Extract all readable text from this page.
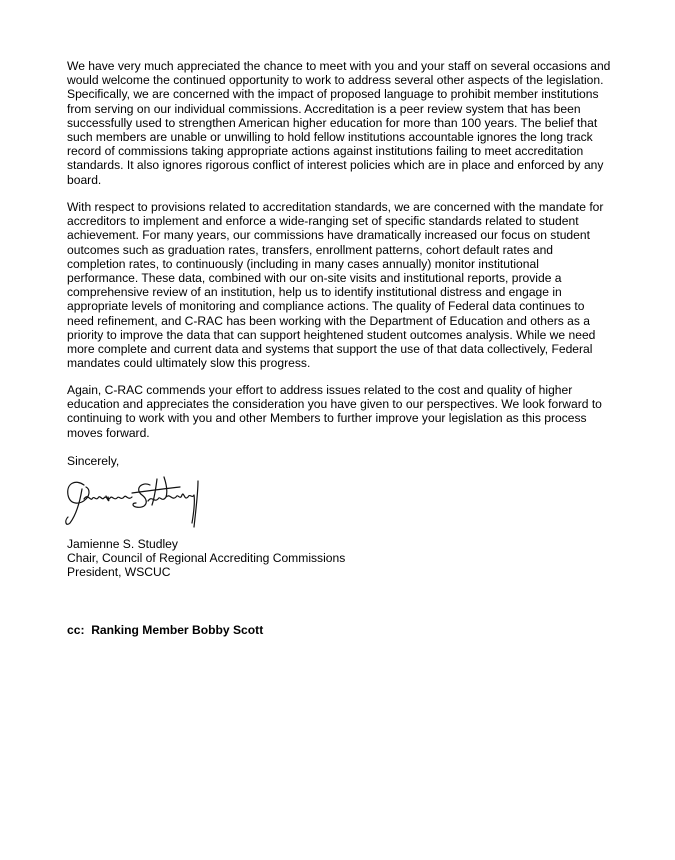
We have very much appreciated the chance to meet with you and your staff on several occasions and
would welcome the continued opportunity to work to address several other aspects of the legislation.
Specifically, we are concerned with the impact of proposed language to prohibit member institutions
from serving on our individual commissions. Accreditation is a peer review system that has been
successfully used to strengthen American higher education for more than 100 years. The belief that
such members are unable or unwilling to hold fellow institutions accountable ignores the long track
record of commissions taking appropriate actions against institutions failing to meet accreditation
standards. It also ignores rigorous conflict of interest policies which are in place and enforced by any
board.

With respect to provisions related to accreditation standards, we are concerned with the mandate for
accreditors to implement and enforce a wide-ranging set of specific standards related to student
achievement. For many years, our commissions have dramatically increased our focus on student
outcomes such as graduation rates, transfers, enrollment patterns, cohort default rates and
completion rates, to continuously (including in many cases annually) monitor institutional
performance. These data, combined with our on-site visits and institutional reports, provide a
comprehensive review of an institution, help us to identify institutional distress and engage in
appropriate levels of monitoring and compliance actions. The quality of Federal data continues to
need refinement, and C-RAC has been working with the Department of Education and others as a
priority to improve the data that can support heightened student outcomes analysis. While we need
more complete and current data and systems that support the use of that data collectively, Federal
mandates could ultimately slow this progress.

Again, C-RAC commends your effort to address issues related to the cost and quality of higher
education and appreciates the consideration you have given to our perspectives. We look forward to
continuing to work with you and other Members to further improve your legislation as this process
moves forward.

Sincerely,

Jamienne S. Studley
Chair, Council of Regional Accrediting Commissions
President, WSCUC

cc:  Ranking Member Bobby Scott
